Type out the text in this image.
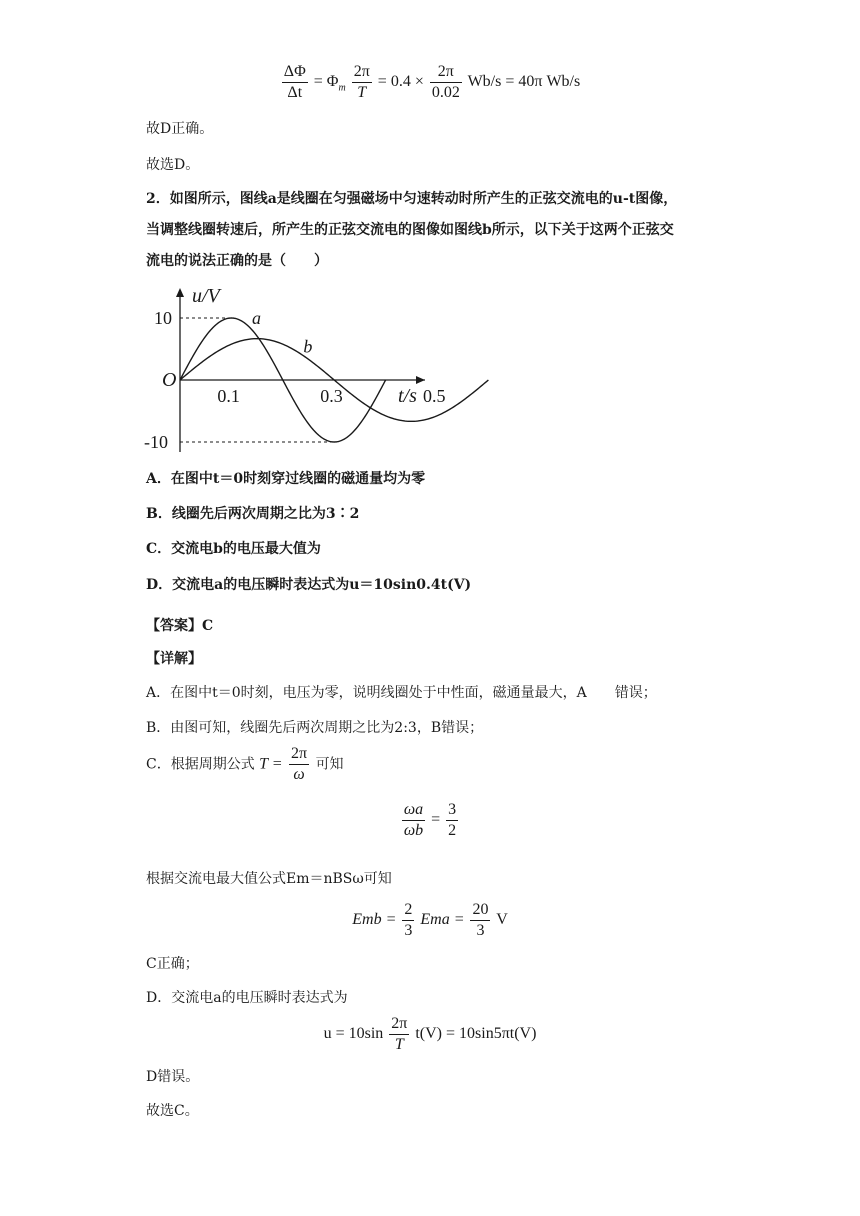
$\frac{\Delta\Phi}{\Delta t} = \Phi_m \frac{2\pi}{T} = 0.4 \times \frac{2\pi}{0.02} Wb/s = 40\pi$ Wb/s
故D正确。
故选D。
2．如图所示，图线a是线圈在匀强磁场中匀速转动时所产生的正弦交流电的u-t图像，
当调整线圈转速后，所产生的正弦交流电的图像如图线b所示，以下关于这两个正弦交
流电的说法正确的是（　　）
a
b
0.1	0.3	0.5
10
-10
u/V
t/s
O
A．在图中t＝0时刻穿过线圈的磁通量均为零
B．线圈先后两次周期之比为3∶2
C．交流电b的电压最大值为
D．交流电a的电压瞬时表达式为u＝10sin0.4t(V)
【答案】C
【详解】
A．在图中t＝0时刻，电压为零，说明线圈处于中性面，磁通量最大，A　　错误；
B．由图可知，线圈先后两次周期之比为2:3，B错误；
C．根据周期公式 $T = \frac{2\pi}{\omega}$ 可知
$\frac{\omega a}{\omega b} = \frac{3}{2}$
根据交流电最大值公式Em＝nBSω可知
Emb = $\frac{2}{3}$ Ema = $\frac{20}{3}$ V
C正确；
D．交流电a的电压瞬时表达式为
$u = 10\sin \frac{2\pi}{T} t(V) = 10\sin 5\pi t(V)$
D错误。
故选C。
